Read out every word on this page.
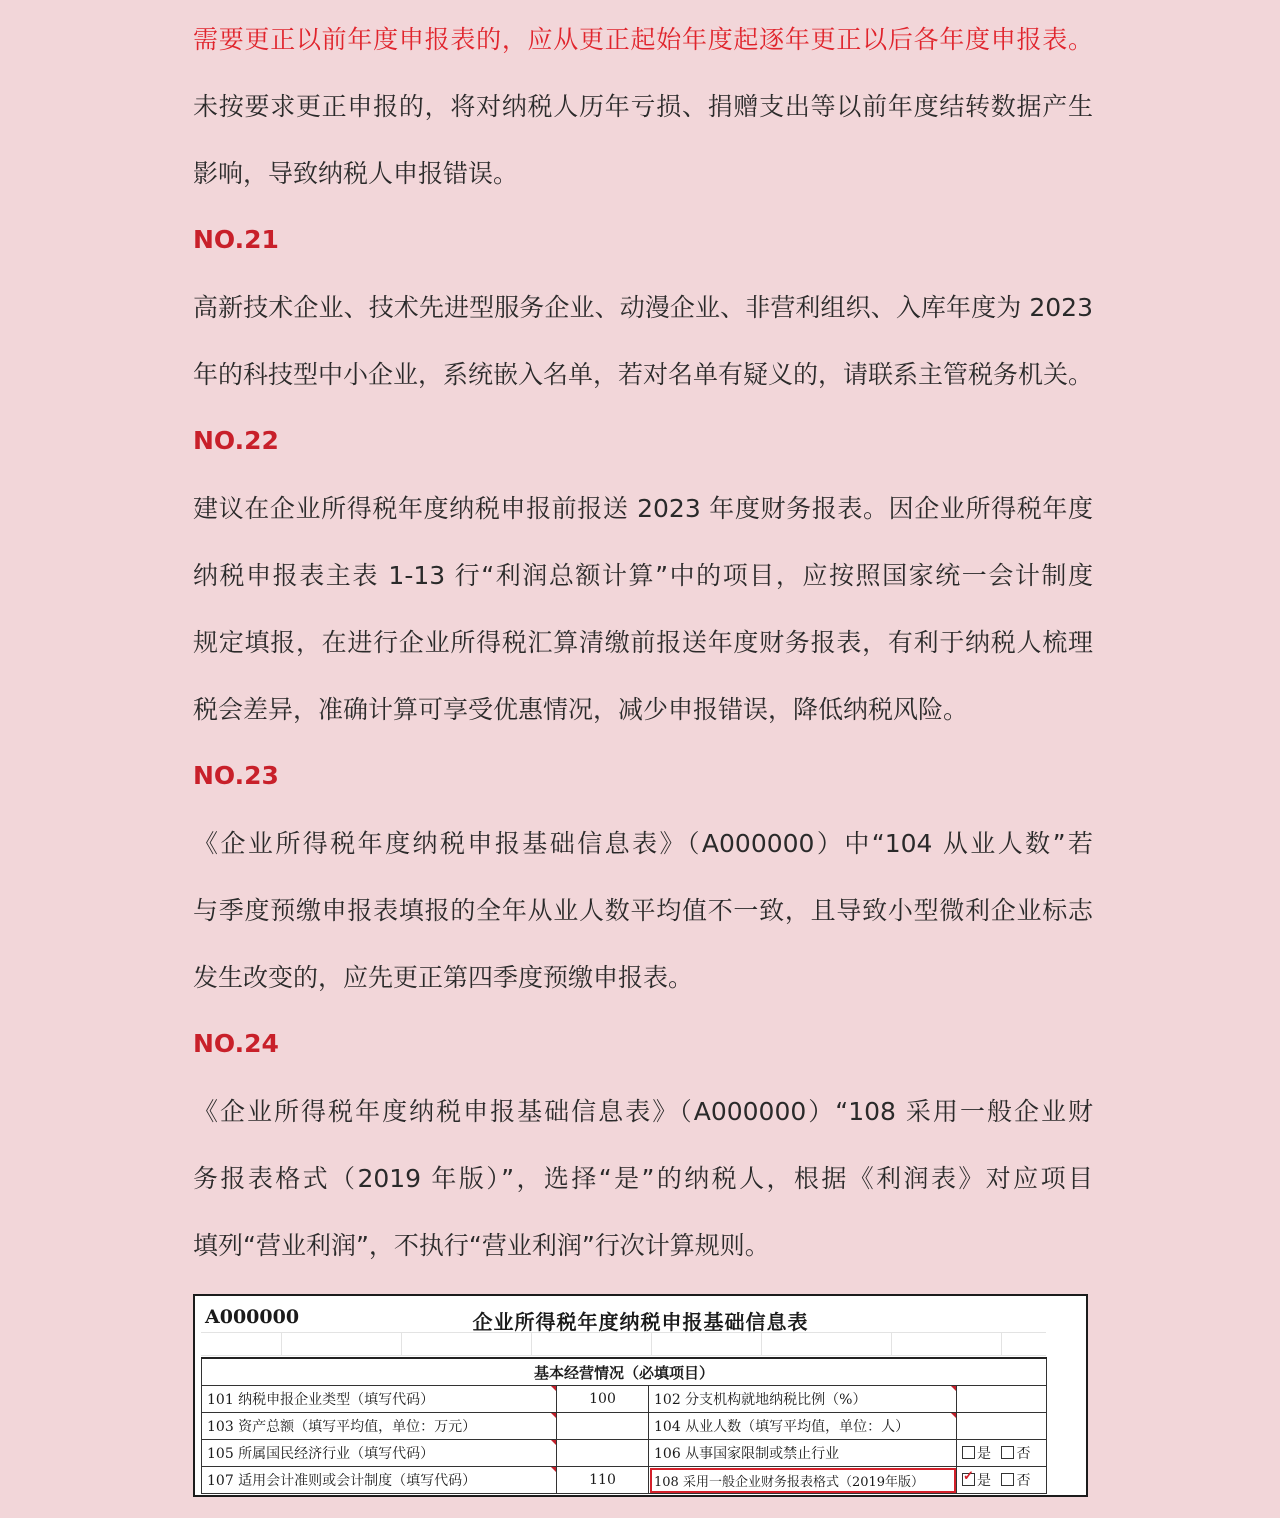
需要更正以前年度申报表的，应从更正起始年度起逐年更正以后各年度申报表。
未按要求更正申报的，将对纳税人历年亏损、捐赠支出等以前年度结转数据产生
影响，导致纳税人申报错误。
NO.21
高新技术企业、技术先进型服务企业、动漫企业、非营利组织、入库年度为 2023
年的科技型中小企业，系统嵌入名单，若对名单有疑义的，请联系主管税务机关。
NO.22
建议在企业所得税年度纳税申报前报送 2023 年度财务报表。因企业所得税年度
纳税申报表主表 1-13 行“利润总额计算”中的项目，应按照国家统一会计制度
规定填报，在进行企业所得税汇算清缴前报送年度财务报表，有利于纳税人梳理
税会差异，准确计算可享受优惠情况，减少申报错误，降低纳税风险。
NO.23
《企业所得税年度纳税申报基础信息表》（A000000）中“104 从业人数”若
与季度预缴申报表填报的全年从业人数平均值不一致，且导致小型微利企业标志
发生改变的，应先更正第四季度预缴申报表。
NO.24
《企业所得税年度纳税申报基础信息表》（A000000）“108 采用一般企业财
务报表格式（2019 年版）”，选择“是”的纳税人，根据《利润表》对应项目
填列“营业利润”，不执行“营业利润”行次计算规则。
A000000	企业所得税年度纳税申报基础信息表
基本经营情况（必填项目）			
101 纳税申报企业类型（填写代码）	100	102 分支机构就地纳税比例（%）	
103 资产总额（填写平均值，单位：万元）		104 从业人数（填写平均值，单位：人）	
105 所属国民经济行业（填写代码）		106 从事国家限制或禁止行业	是 否
107 适用会计准则或会计制度（填写代码）	110	108 采用一般企业财务报表格式（2019年版）	✓是 否
